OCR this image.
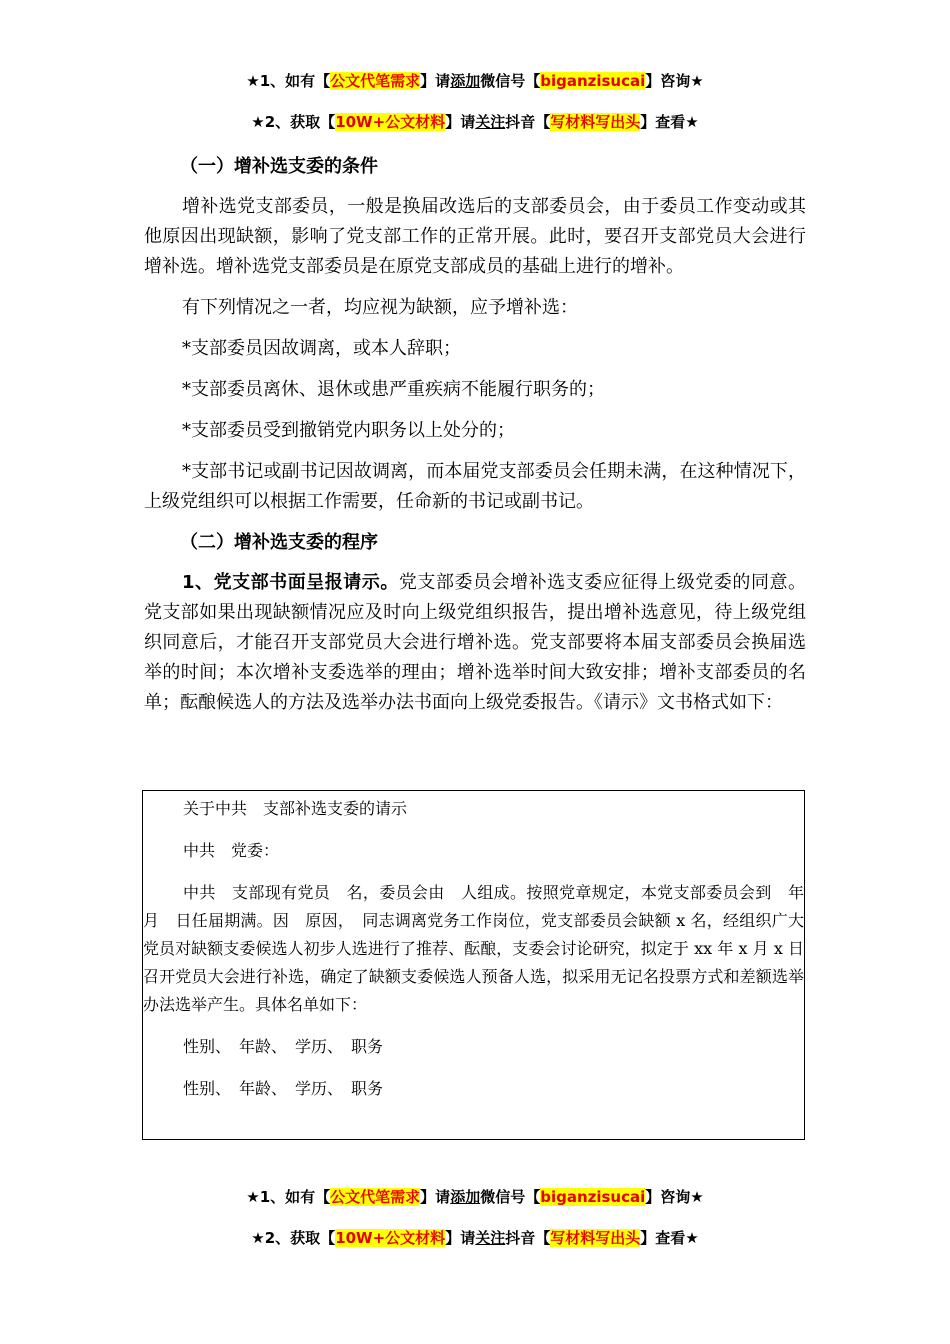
★1、如有【公文代笔需求】请添加微信号【biganzisucai】咨询★
★2、获取【10W+公文材料】请关注抖音【写材料写出头】查看★
（一）增补选支委的条件
增补选党支部委员，一般是换届改选后的支部委员会，由于委员工作变动或其他原因出现缺额，影响了党支部工作的正常开展。此时，要召开支部党员大会进行增补选。增补选党支部委员是在原党支部成员的基础上进行的增补。
有下列情况之一者，均应视为缺额，应予增补选：
*支部委员因故调离，或本人辞职；
*支部委员离休、退休或患严重疾病不能履行职务的；
*支部委员受到撤销党内职务以上处分的；
*支部书记或副书记因故调离，而本届党支部委员会任期未满，在这种情况下，上级党组织可以根据工作需要，任命新的书记或副书记。
（二）增补选支委的程序
1、党支部书面呈报请示。党支部委员会增补选支委应征得上级党委的同意。党支部如果出现缺额情况应及时向上级党组织报告，提出增补选意见，待上级党组织同意后，才能召开支部党员大会进行增补选。党支部要将本届支部委员会换届选举的时间；本次增补支委选举的理由；增补选举时间大致安排；增补支部委员的名单；酝酿候选人的方法及选举办法书面向上级党委报告。《请示》文书格式如下：
关于中共　支部补选支委的请示
中共　党委：
中共　支部现有党员　名，委员会由　人组成。按照党章规定，本党支部委员会到　年　月　日任届期满。因　原因，　同志调离党务工作岗位，党支部委员会缺额 x 名，经组织广大党员对缺额支委候选人初步人选进行了推荐、酝酿，支委会讨论研究，拟定于 xx 年 x 月 x 日召开党员大会进行补选，确定了缺额支委候选人预备人选，拟采用无记名投票方式和差额选举办法选举产生。具体名单如下：
性别、　年龄、　学历、　职务
性别、　年龄、　学历、　职务
★1、如有【公文代笔需求】请添加微信号【biganzisucai】咨询★
★2、获取【10W+公文材料】请关注抖音【写材料写出头】查看★
